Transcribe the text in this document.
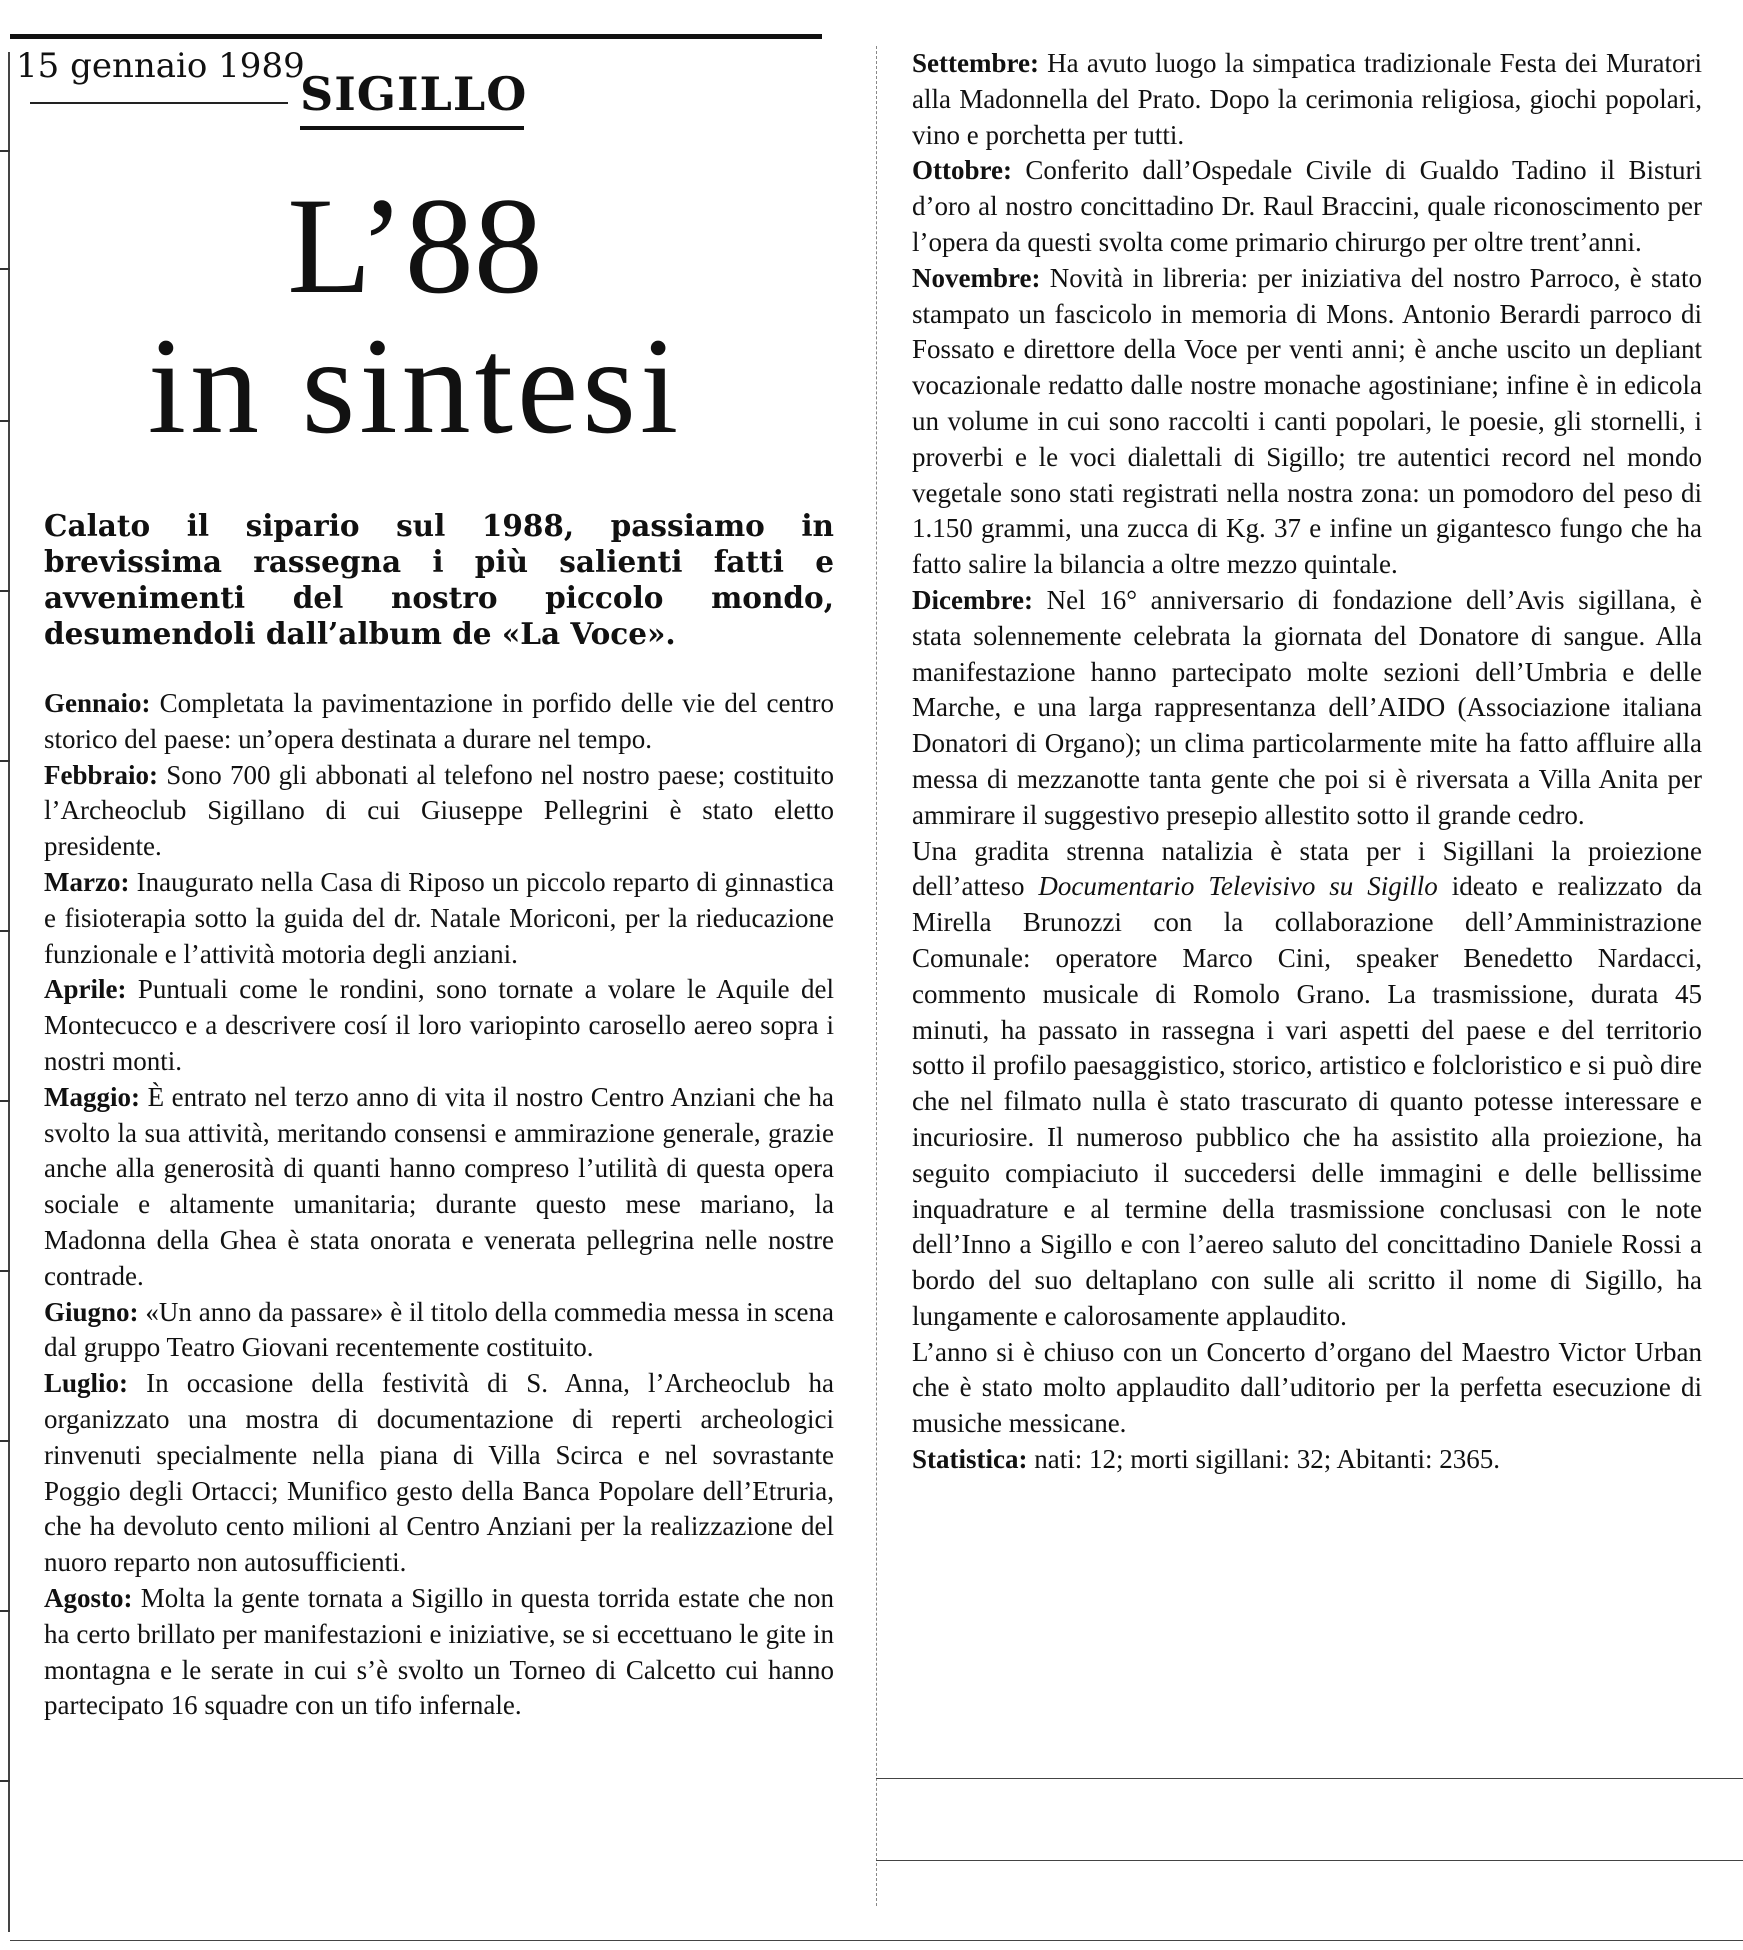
15 gennaio 1989
SIGILLO
L’88
in sintesi
Calato il sipario sul 1988, passiamo in brevissima rassegna i più salienti fatti e avvenimenti del nostro piccolo mondo, desumendoli dall’album de «La Voce».

Gennaio: Completata la pavimentazione in porfido delle vie del centro storico del paese: un’opera destinata a durare nel tempo.

Febbraio: Sono 700 gli abbonati al telefono nel nostro paese; costituito l’Archeoclub Sigillano di cui Giuseppe Pellegrini è stato eletto presidente.

Marzo: Inaugurato nella Casa di Riposo un piccolo reparto di ginnastica e fisioterapia sotto la guida del dr. Natale Moriconi, per la rieducazione funzionale e l’attività motoria degli anziani.

Aprile: Puntuali come le rondini, sono tornate a volare le Aquile del Montecucco e a descrivere cosí il loro variopinto carosello aereo sopra i nostri monti.

Maggio: È entrato nel terzo anno di vita il nostro Centro Anziani che ha svolto la sua attività, meritando consensi e ammirazione generale, grazie anche alla generosità di quanti hanno compreso l’utilità di questa opera sociale e altamente umanitaria; durante questo mese mariano, la Madonna della Ghea è stata onorata e venerata pellegrina nelle nostre contrade.

Giugno: «Un anno da passare» è il titolo della commedia messa in scena dal gruppo Teatro Giovani recentemente costituito.

Luglio: In occasione della festività di S. Anna, l’Archeoclub ha organizzato una mostra di documentazione di reperti archeologici rinvenuti specialmente nella piana di Villa Scirca e nel sovrastante Poggio degli Ortacci; Munifico gesto della Banca Popolare dell’Etruria, che ha devoluto cento milioni al Centro Anziani per la realizzazione del nuoro reparto non autosufficienti.

Agosto: Molta la gente tornata a Sigillo in questa torrida estate che non ha certo brillato per manifestazioni e iniziative, se si eccettuano le gite in montagna e le serate in cui s’è svolto un Torneo di Calcetto cui hanno partecipato 16 squadre con un tifo infernale.

Settembre: Ha avuto luogo la simpatica tradizionale Festa dei Muratori alla Madonnella del Prato. Dopo la cerimonia religiosa, giochi popolari, vino e porchetta per tutti.

Ottobre: Conferito dall’Ospedale Civile di Gualdo Tadino il Bisturi d’oro al nostro concittadino Dr. Raul Braccini, quale riconoscimento per l’opera da questi svolta come primario chirurgo per oltre trent’anni.

Novembre: Novità in libreria: per iniziativa del nostro Parroco, è stato stampato un fascicolo in memoria di Mons. Antonio Berardi parroco di Fossato e direttore della Voce per venti anni; è anche uscito un depliant vocazionale redatto dalle nostre monache agostiniane; infine è in edicola un volume in cui sono raccolti i canti popolari, le poesie, gli stornelli, i proverbi e le voci dialettali di Sigillo; tre autentici record nel mondo vegetale sono stati registrati nella nostra zona: un pomodoro del peso di 1.150 grammi, una zucca di Kg. 37 e infine un gigantesco fungo che ha fatto salire la bilancia a oltre mezzo quintale.

Dicembre: Nel 16° anniversario di fondazione dell’Avis sigillana, è stata solennemente celebrata la giornata del Donatore di sangue. Alla manifestazione hanno partecipato molte sezioni dell’Umbria e delle Marche, e una larga rappresentanza dell’AIDO (Associazione italiana Donatori di Organo); un clima particolarmente mite ha fatto affluire alla messa di mezzanotte tanta gente che poi si è riversata a Villa Anita per ammirare il suggestivo presepio allestito sotto il grande cedro.

Una gradita strenna natalizia è stata per i Sigillani la proiezione dell’atteso Documentario Televisivo su Sigillo ideato e realizzato da Mirella Brunozzi con la collaborazione dell’Amministrazione Comunale: operatore Marco Cini, speaker Benedetto Nardacci, commento musicale di Romolo Grano. La trasmissione, durata 45 minuti, ha passato in rassegna i vari aspetti del paese e del territorio sotto il profilo paesaggistico, storico, artistico e folcloristico e si può dire che nel filmato nulla è stato trascurato di quanto potesse interessare e incuriosire. Il numeroso pubblico che ha assistito alla proiezione, ha seguito compiaciuto il succedersi delle immagini e delle bellissime inquadrature e al termine della trasmissione conclusasi con le note dell’Inno a Sigillo e con l’aereo saluto del concittadino Daniele Rossi a bordo del suo deltaplano con sulle ali scritto il nome di Sigillo, ha lungamente e calorosamente applaudito.

L’anno si è chiuso con un Concerto d’organo del Maestro Victor Urban che è stato molto applaudito dall’uditorio per la perfetta esecuzione di musiche messicane.

Statistica: nati: 12; morti sigillani: 32; Abitanti: 2365.
